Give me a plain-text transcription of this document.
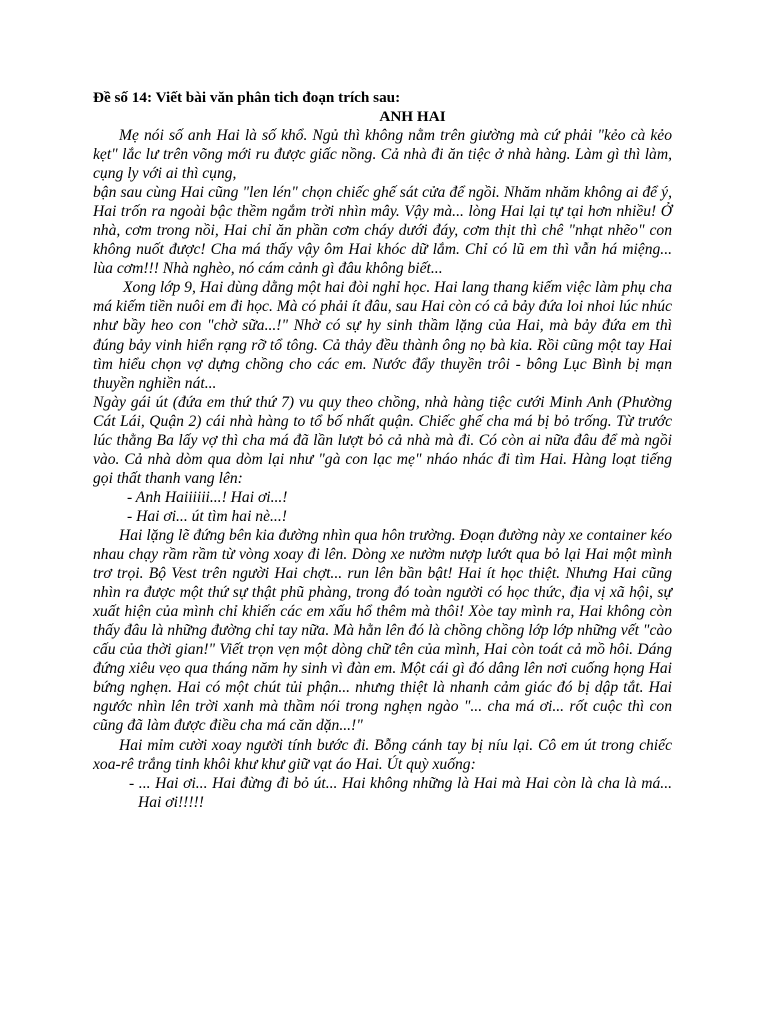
Đề số 14: Viết bài văn phân tich đoạn trích sau:

ANH HAI

Mẹ nói số anh Hai là số khổ. Ngủ thì không nằm trên giường mà cứ phải "kẻo cà kẻo kẹt" lắc lư trên võng mới ru được giấc nồng. Cả nhà đi ăn tiệc ở nhà hàng. Làm gì thì làm, cụng ly với ai thì cụng,

bận sau cùng Hai cũng "len lén" chọn chiếc ghế sát cửa để ngồi. Nhăm nhăm không ai để ý, Hai trốn ra ngoài bậc thềm ngắm trời nhìn mây. Vậy mà... lòng Hai lại tự tại hơn nhiều! Ở nhà, cơm trong nồi, Hai chỉ ăn phần cơm cháy dưới đáy, cơm thịt thì chê "nhạt nhẽo" con không nuốt được! Cha má thấy vậy ôm Hai khóc dữ lắm. Chỉ có lũ em thì vẫn há miệng... lùa cơm!!! Nhà nghèo, nó cám cảnh gì đâu không biết...

Xong lớp 9, Hai dùng dằng một hai đòi nghỉ học. Hai lang thang kiếm việc làm phụ cha má kiếm tiền nuôi em đi học. Mà có phải ít đâu, sau Hai còn có cả bảy đứa loi nhoi lúc nhúc như bầy heo con "chờ sữa...!" Nhờ có sự hy sinh thầm lặng của Hai, mà bảy đứa em thì đúng bảy vinh hiển rạng rỡ tổ tông. Cả thảy đều thành ông nọ bà kia. Rồi cũng một tay Hai tìm hiểu chọn vợ dựng chồng cho các em. Nước đẩy thuyền trôi - bông Lục Bình bị mạn thuyền nghiền nát...

Ngày gái út (đứa em thứ thứ 7) vu quy theo chồng, nhà hàng tiệc cưới Minh Anh (Phường Cát Lái, Quận 2) cái nhà hàng to tổ bố nhất quận. Chiếc ghế cha má bị bỏ trống. Từ trước lúc thằng Ba lấy vợ thì cha má đã lần lượt bỏ cả nhà mà đi. Có còn ai nữa đâu để mà ngồi vào. Cả nhà dòm qua dòm lại như "gà con lạc mẹ" nháo nhác đi tìm Hai. Hàng loạt tiếng gọi thất thanh vang lên:

- Anh Haiiiiii...! Hai ơi...!

- Hai ơi... út tìm hai nè...!

Hai lặng lẽ đứng bên kia đường nhìn qua hôn trường. Đoạn đường này xe container kéo nhau chạy rầm rầm từ vòng xoay đi lên. Dòng xe nườm nượp lướt qua bỏ lại Hai một mình trơ trọi. Bộ Vest trên người Hai chợt... run lên bần bật! Hai ít học thiệt. Nhưng Hai cũng nhìn ra được một thứ sự thật phũ phàng, trong đó toàn người có học thức, địa vị xã hội, sự xuất hiện của mình chỉ khiến các em xấu hổ thêm mà thôi! Xòe tay mình ra, Hai không còn thấy đâu là những đường chỉ tay nữa. Mà hằn lên đó là chồng chồng lớp lớp những vết "cào cấu của thời gian!" Viết trọn vẹn một dòng chữ tên của mình, Hai còn toát cả mồ hôi. Dáng đứng xiêu vẹo qua tháng năm hy sinh vì đàn em. Một cái gì đó dâng lên nơi cuống họng Hai bứng nghẹn. Hai có một chút tủi phận... nhưng thiệt là nhanh cảm giác đó bị dập tắt. Hai ngước nhìn lên trời xanh mà thầm nói trong nghẹn ngào "... cha má ơi... rốt cuộc thì con cũng đã làm được điều cha má căn dặn...!"

Hai mỉm cười xoay người tính bước đi. Bỗng cánh tay bị níu lại. Cô em út trong chiếc xoa-rê trắng tinh khôi khư khư giữ vạt áo Hai. Út quỳ xuống:

- ... Hai ơi... Hai đừng đi bỏ út... Hai không những là Hai mà Hai còn là cha là má... Hai ơi!!!!!
